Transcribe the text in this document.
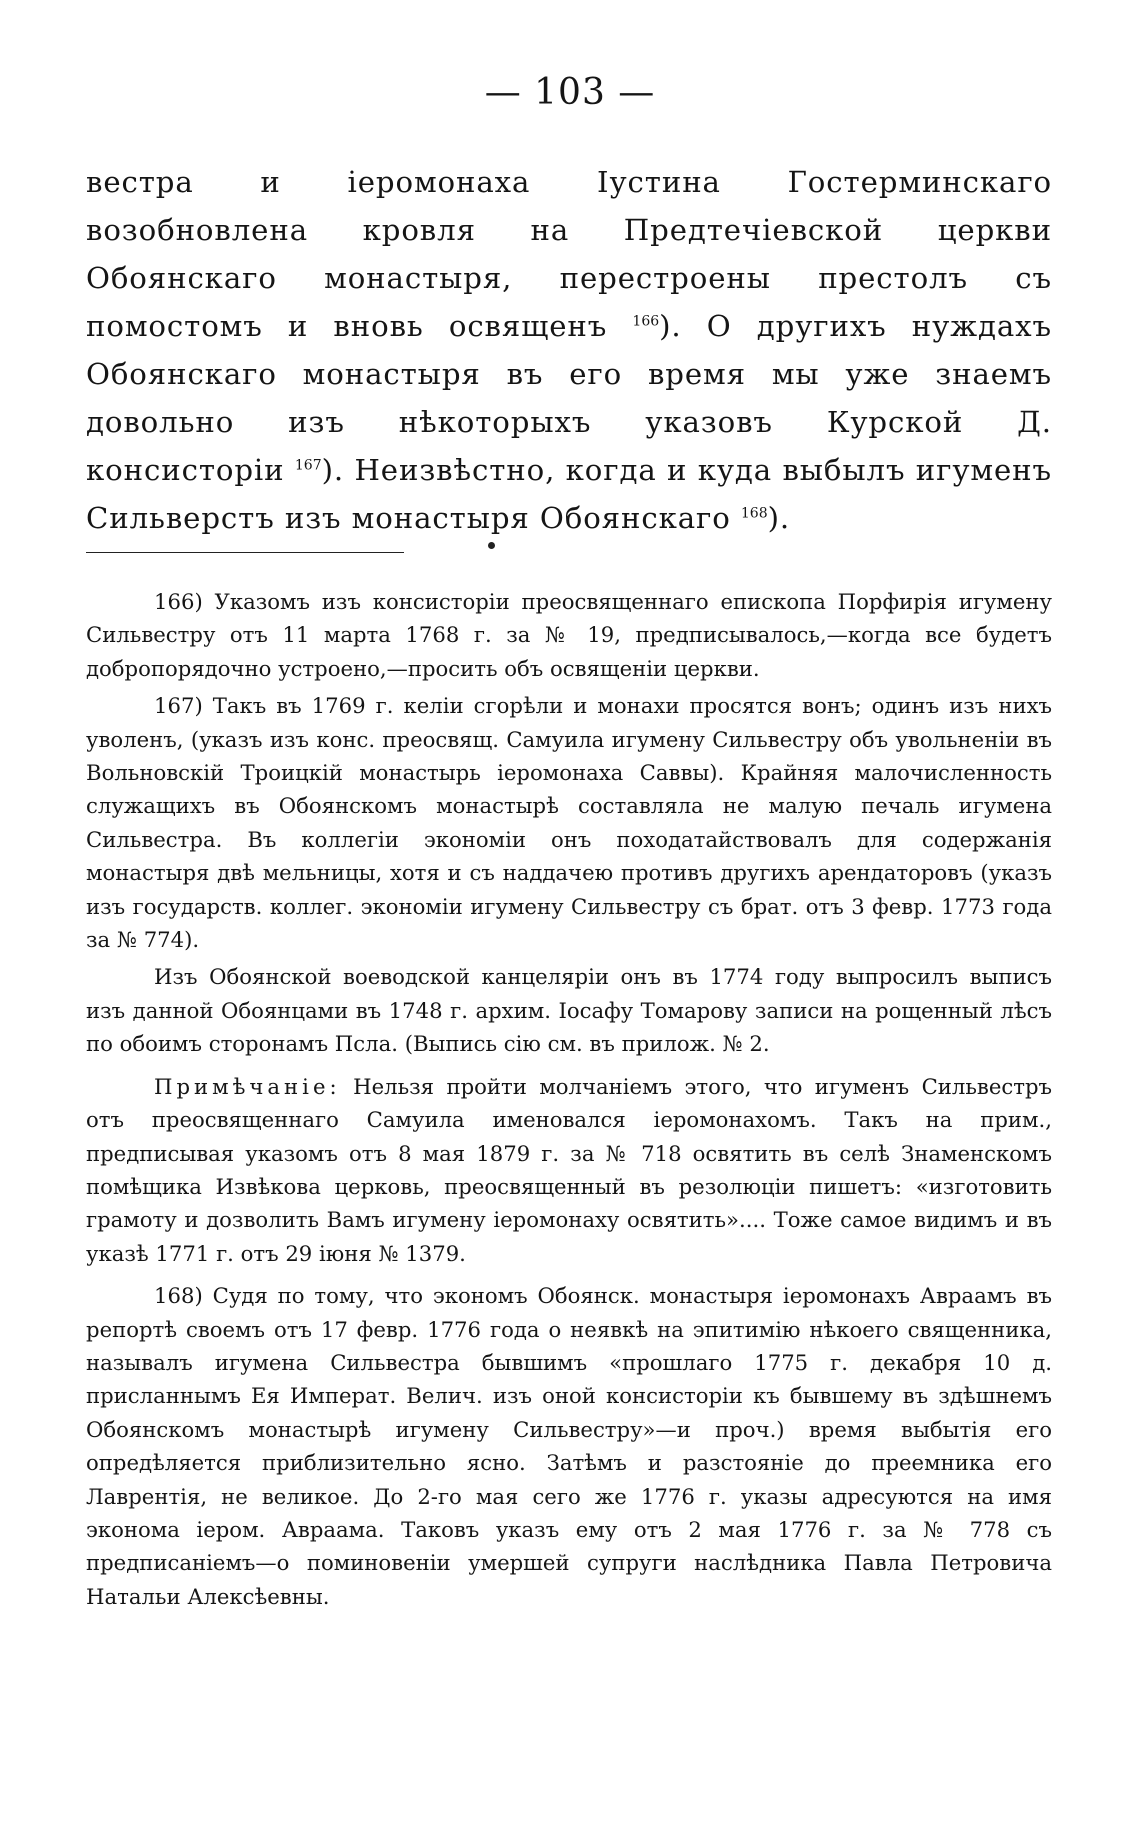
— 103 —
вестра и іеромонаха Іустина Гостерминскаго возобновлена кровля на Предтечіевской церкви Обоянскаго монастыря, перестроены престолъ съ помостомъ и вновь освященъ $^{166}$). О другихъ нуждахъ Обоянскаго монастыря въ его время мы уже знаемъ довольно изъ нѣкоторыхъ указовъ Курской Д. консисторіи $^{167}$). Неизвѣстно, когда и куда выбылъ игуменъ Сильверстъ изъ монастыря Обоянскаго $^{168}$).

166) Указомъ изъ консисторіи преосвященнаго епископа Порфирія игумену Сильвестру отъ 11 марта 1768 г. за № 19, предписывалось,—когда все будетъ добропорядочно устроено,—просить объ освященіи церкви.

167) Такъ въ 1769 г. келіи сгорѣли и монахи просятся вонъ; одинъ изъ нихъ уволенъ, (указъ изъ конс. преосвящ. Самуила игумену Сильвестру объ увольненіи въ Вольновскій Троицкій монастырь іеромонаха Саввы). Крайняя малочисленность служащихъ въ Обоянскомъ монастырѣ составляла не малую печаль игумена Сильвестра. Въ коллегіи экономіи онъ походатайствовалъ для содержанія монастыря двѣ мельницы, хотя и съ наддачею противъ другихъ арендаторовъ (указъ изъ государств. коллег. экономіи игумену Сильвестру съ брат. отъ 3 февр. 1773 года за № 774).

Изъ Обоянской воеводской канцеляріи онъ въ 1774 году выпросилъ выписъ изъ данной Обоянцами въ 1748 г. архим. Іосафу Томарову записи на рощенный лѣсъ по обоимъ сторонамъ Псла. (Выпись сію см. въ прилож. № 2.

Примѣчаніе: Нельзя пройти молчаніемъ этого, что игуменъ Сильвестръ отъ преосвященнаго Самуила именовался іеромонахомъ. Такъ на прим., предписывая указомъ отъ 8 мая 1879 г. за № 718 освятить въ селѣ Знаменскомъ помѣщика Извѣкова церковь, преосвященный въ резолюціи пишетъ: «изготовить грамоту и дозволить Вамъ игумену іеромонаху освятить».... Тоже самое видимъ и въ указѣ 1771 г. отъ 29 іюня № 1379.

168) Судя по тому, что экономъ Обоянск. монастыря іеромонахъ Авраамъ въ репортѣ своемъ отъ 17 февр. 1776 года о неявкѣ на эпитимію нѣкоего священника, называлъ игумена Сильвестра бывшимъ «прошлаго 1775 г. декабря 10 д. присланнымъ Ея Императ. Велич. изъ оной консисторіи къ бывшему въ здѣшнемъ Обоянскомъ монастырѣ игумену Сильвестру»—и проч.) время выбытія его опредѣляется приблизительно ясно. Затѣмъ и разстояніе до преемника его Лаврентія, не великое. До 2-го мая сего же 1776 г. указы адресуются на имя эконома іером. Авраама. Таковъ указъ ему отъ 2 мая 1776 г. за № 778 съ предписаніемъ—о поминовеніи умершей супруги наслѣдника Павла Петровича Натальи Алексѣевны.
